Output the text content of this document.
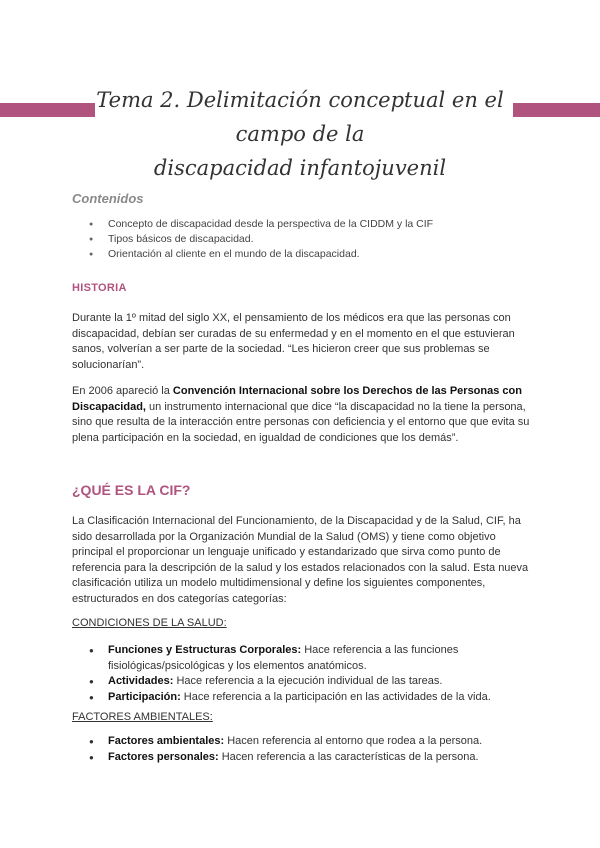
Tema 2. Delimitación conceptual en el campo de la
discapacidad infantojuvenil
Contenidos
● Concepto de discapacidad desde la perspectiva de la CIDDM y la CIF
● Tipos básicos de discapacidad.
● Orientación al cliente en el mundo de la discapacidad.
HISTORIA

Durante la 1º mitad del siglo XX, el pensamiento de los médicos era que las personas con discapacidad, debían ser curadas de su enfermedad y en el momento en el que estuvieran sanos, volverían a ser parte de la sociedad. “Les hicieron creer que sus problemas se solucionarían”.

En 2006 apareció la Convención Internacional sobre los Derechos de las Personas con Discapacidad, un instrumento internacional que dice “la discapacidad no la tiene la persona, sino que resulta de la interacción entre personas con deficiencia y el entorno que que evita su plena participación en la sociedad, en igualdad de condiciones que los demás”.

¿QUÉ ES LA CIF?

La Clasificación Internacional del Funcionamiento, de la Discapacidad y de la Salud, CIF, ha sido desarrollada por la Organización Mundial de la Salud (OMS) y tiene como objetivo principal el proporcionar un lenguaje unificado y estandarizado que sirva como punto de referencia para la descripción de la salud y los estados relacionados con la salud. Esta nueva clasificación utiliza un modelo multidimensional y define los siguientes componentes, estructurados en dos categorías categorías:

CONDICIONES DE LA SALUD:

● Funciones y Estructuras Corporales: Hace referencia a las funciones fisiológicas/psicológicas y los elementos anatómicos.
● Actividades: Hace referencia a la ejecución individual de las tareas.
● Participación: Hace referencia a la participación en las actividades de la vida.

FACTORES AMBIENTALES:

● Factores ambientales: Hacen referencia al entorno que rodea a la persona.
● Factores personales: Hacen referencia a las características de la persona.
